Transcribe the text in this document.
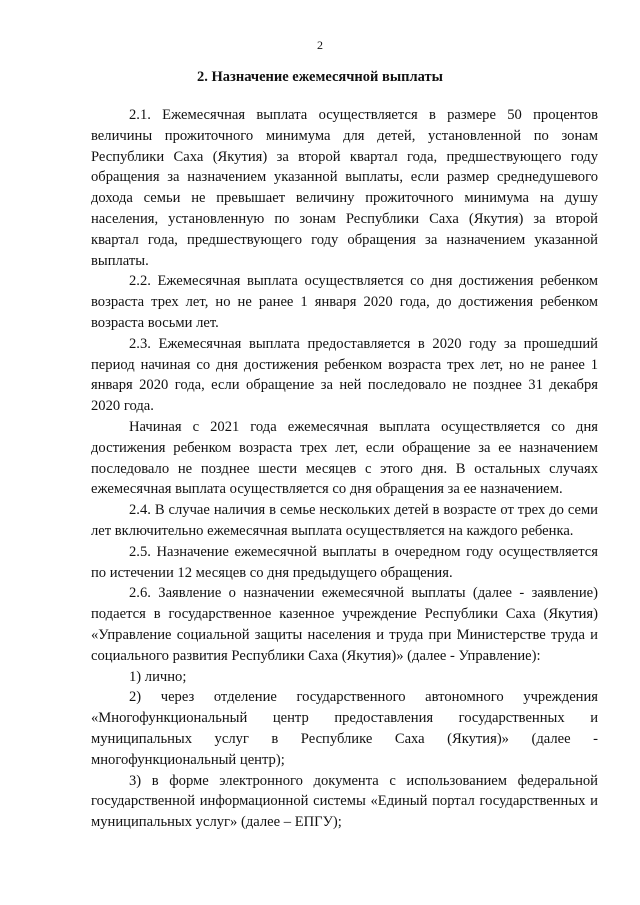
2
2. Назначение ежемесячной выплаты

2.1. Ежемесячная выплата осуществляется в размере 50 процентов величины прожиточного минимума для детей, установленной по зонам Республики Саха (Якутия) за второй квартал года, предшествующего году обращения за назначением указанной выплаты, если размер среднедушевого дохода семьи не превышает величину прожиточного минимума на душу населения, установленную по зонам Республики Саха (Якутия) за второй квартал года, предшествующего году обращения за назначением указанной выплаты.

2.2. Ежемесячная выплата осуществляется со дня достижения ребенком возраста трех лет, но не ранее 1 января 2020 года, до достижения ребенком возраста восьми лет.

2.3. Ежемесячная выплата предоставляется в 2020 году за прошедший период начиная со дня достижения ребенком возраста трех лет, но не ранее 1 января 2020 года, если обращение за ней последовало не позднее 31 декабря 2020 года.

Начиная с 2021 года ежемесячная выплата осуществляется со дня достижения ребенком возраста трех лет, если обращение за ее назначением последовало не позднее шести месяцев с этого дня. В остальных случаях ежемесячная выплата осуществляется со дня обращения за ее назначением.

2.4. В случае наличия в семье нескольких детей в возрасте от трех до семи лет включительно ежемесячная выплата осуществляется на каждого ребенка.

2.5. Назначение ежемесячной выплаты в очередном году осуществляется по истечении 12 месяцев со дня предыдущего обращения.

2.6. Заявление о назначении ежемесячной выплаты (далее - заявление) подается в государственное казенное учреждение Республики Саха (Якутия) «Управление социальной защиты населения и труда при Министерстве труда и социального развития Республики Саха (Якутия)» (далее - Управление):

1) лично;

2) через отделение государственного автономного учреждения «Многофункциональный центр предоставления государственных и муниципальных услуг в Республике Саха (Якутия)» (далее - многофункциональный центр);

3) в форме электронного документа с использованием федеральной государственной информационной системы «Единый портал государственных и муниципальных услуг» (далее – ЕПГУ);
